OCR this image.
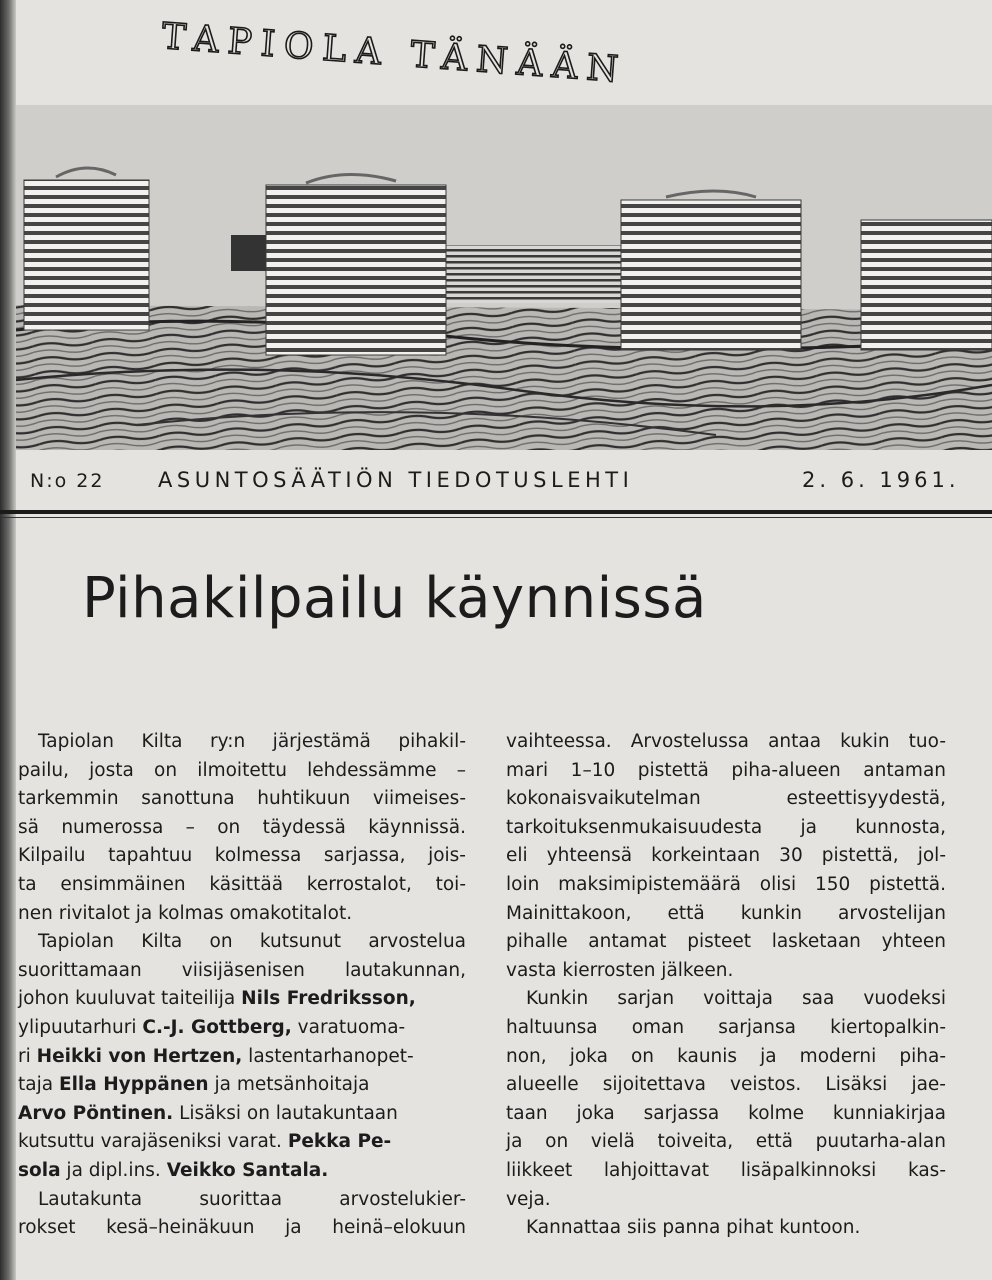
TAPIOLA TÄNÄÄN
N:o 22	ASUNTOSÄÄTIÖN TIEDOTUSLEHTI	2. 6. 1961.
Pihakilpailu käynnissä
Tapiolan Kilta ry:n järjestämä pihakil-
pailu, josta on ilmoitettu lehdessämme –
tarkemmin sanottuna huhtikuun viimeises-
sä numerossa – on täydessä käynnissä.
Kilpailu tapahtuu kolmessa sarjassa, jois-
ta ensimmäinen käsittää kerrostalot, toi-
nen rivitalot ja kolmas omakotitalot.
Tapiolan Kilta on kutsunut arvostelua
suorittamaan viisijäsenisen lautakunnan,
johon kuuluvat taiteilija Nils Fredriksson,
ylipuutarhuri C.-J. Gottberg, varatuoma-
ri Heikki von Hertzen, lastentarhanopet-
taja Ella Hyppänen ja metsänhoitaja
Arvo Pöntinen. Lisäksi on lautakuntaan
kutsuttu varajäseniksi varat. Pekka Pe-
sola ja dipl.ins. Veikko Santala.
Lautakunta suorittaa arvostelukier-
rokset kesä–heinäkuun ja heinä–elokuun
vaihteessa. Arvostelussa antaa kukin tuo-
mari 1–10 pistettä piha-alueen antaman
kokonaisvaikutelman esteettisyydestä,
tarkoituksenmukaisuudesta ja kunnosta,
eli yhteensä korkeintaan 30 pistettä, jol-
loin maksimipistemäärä olisi 150 pistettä.
Mainittakoon, että kunkin arvostelijan
pihalle antamat pisteet lasketaan yhteen
vasta kierrosten jälkeen.
Kunkin sarjan voittaja saa vuodeksi
haltuunsa oman sarjansa kiertopalkin-
non, joka on kaunis ja moderni piha-
alueelle sijoitettava veistos. Lisäksi jae-
taan joka sarjassa kolme kunniakirjaa
ja on vielä toiveita, että puutarha-alan
liikkeet lahjoittavat lisäpalkinnoksi kas-
veja.
Kannattaa siis panna pihat kuntoon.
